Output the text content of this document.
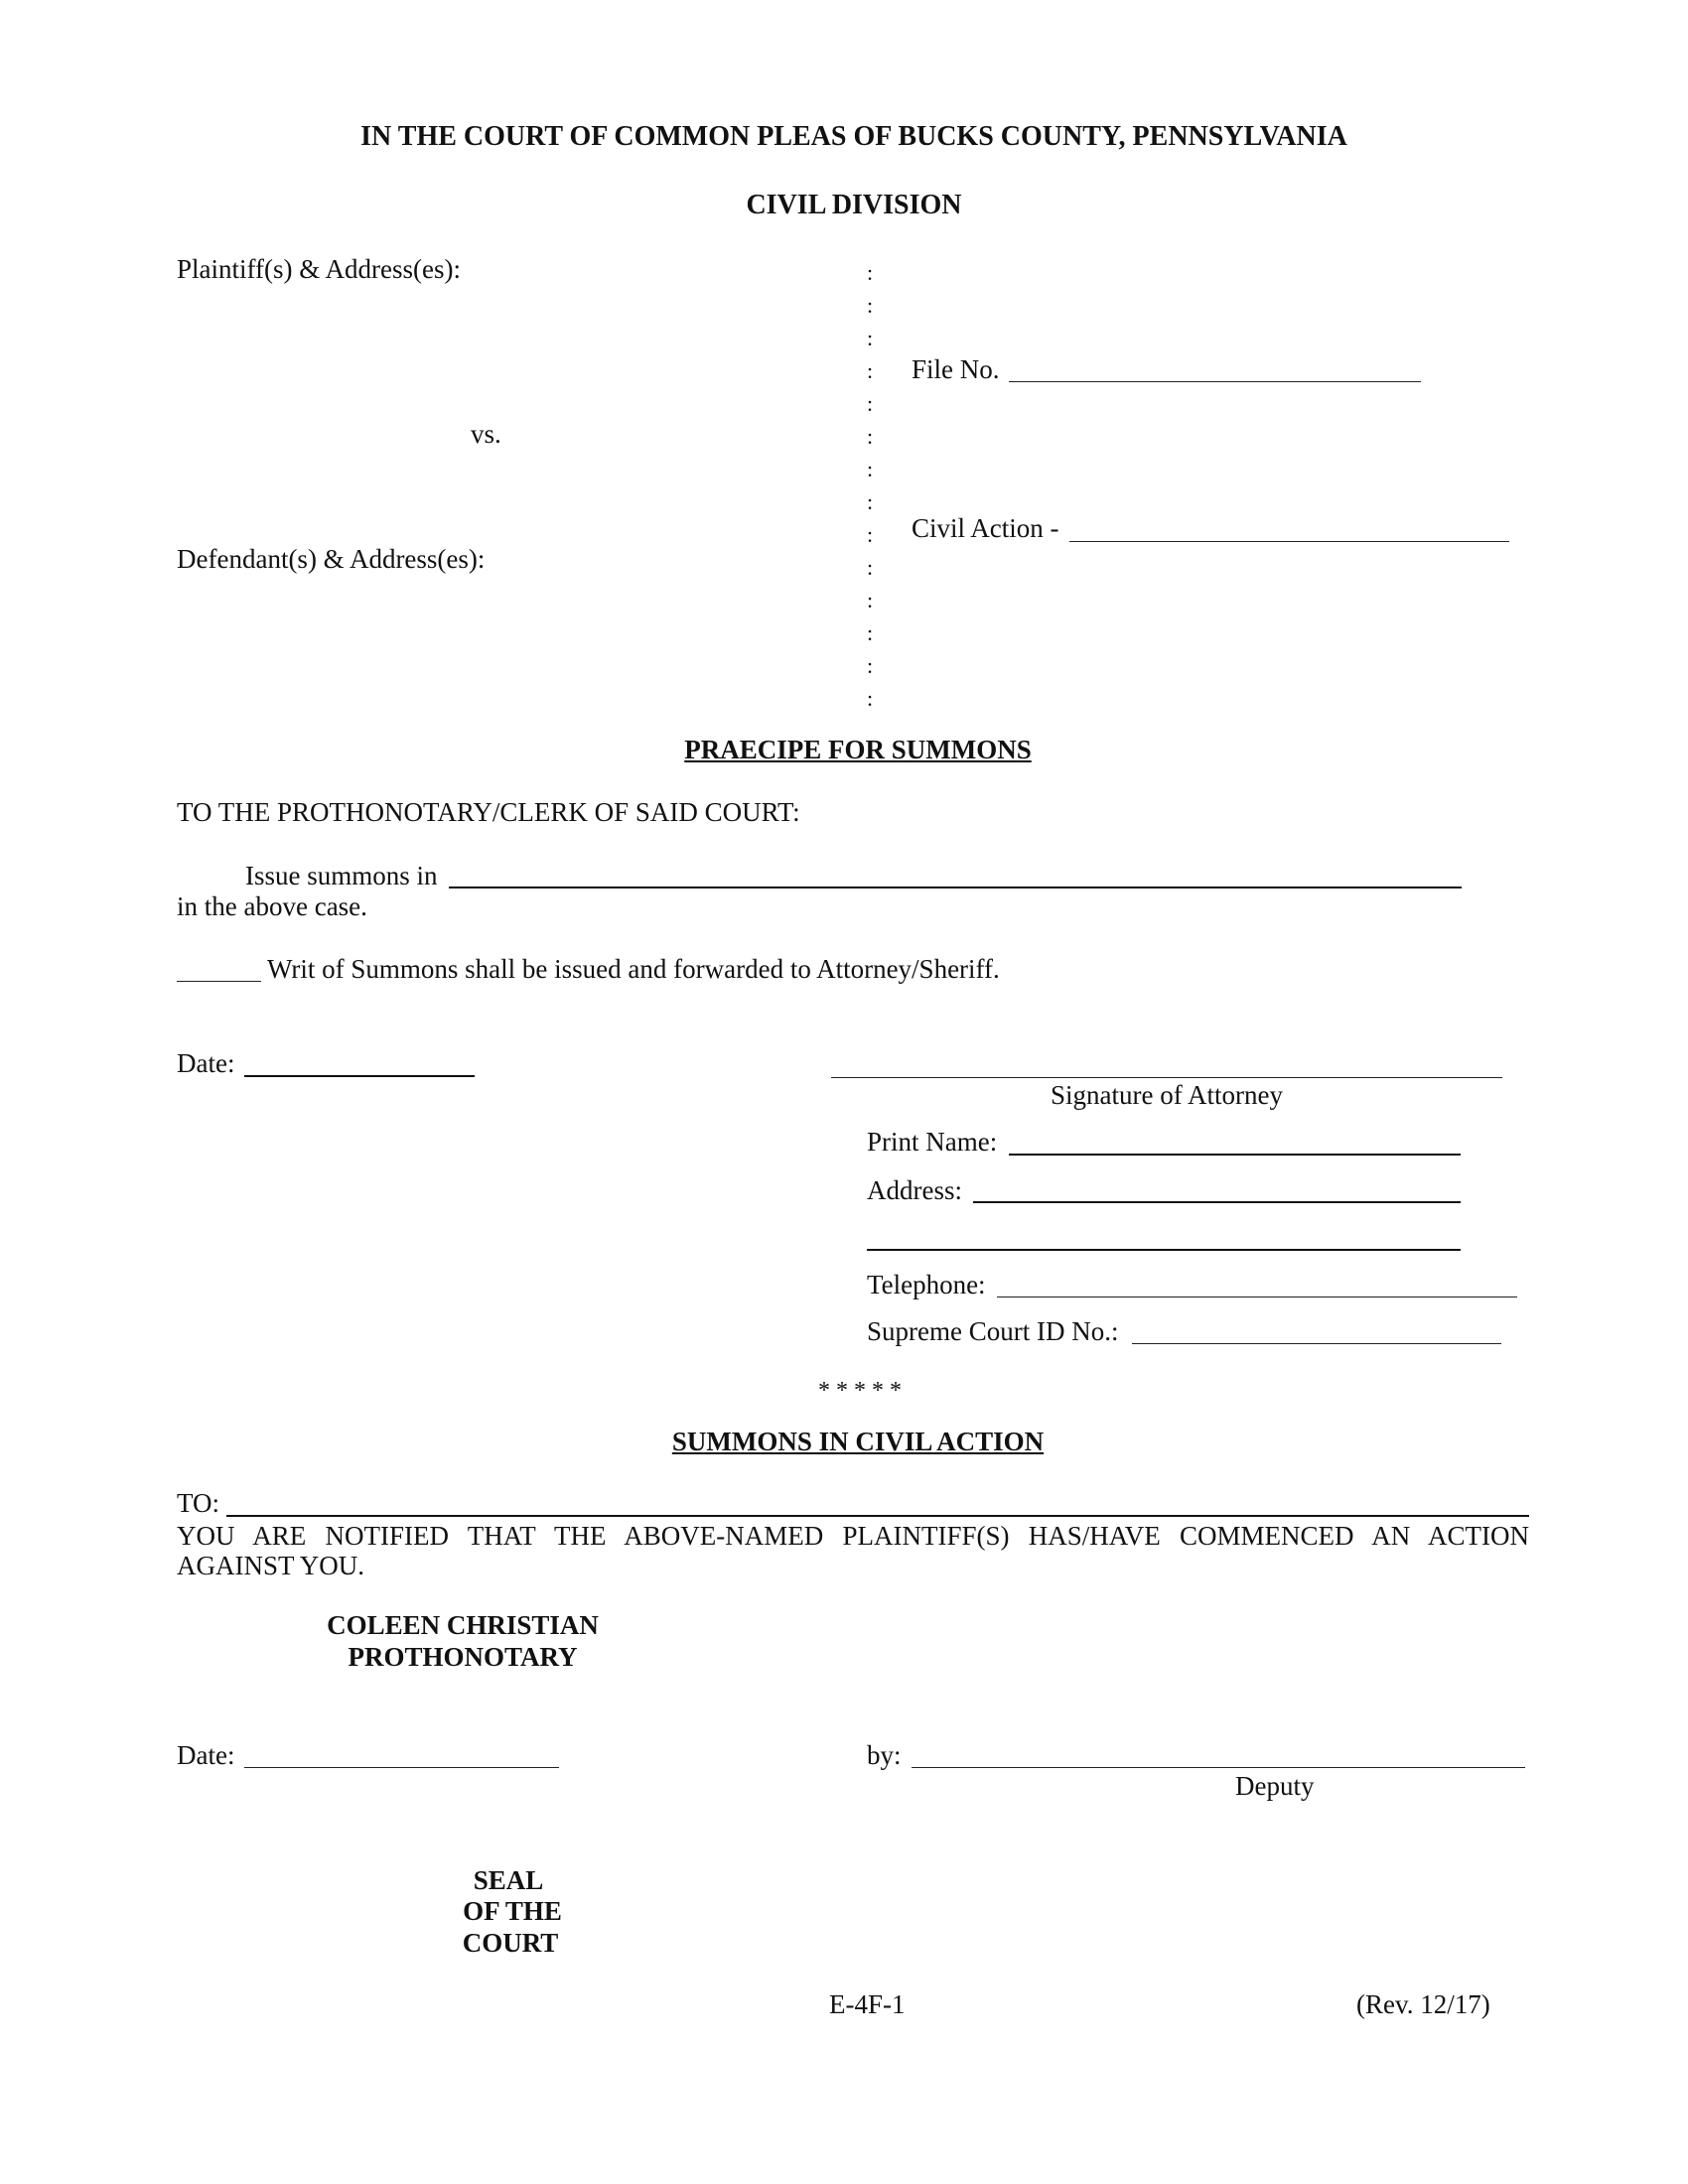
IN THE COURT OF COMMON PLEAS OF BUCKS COUNTY, PENNSYLVANIA
CIVIL DIVISION
Plaintiff(s) & Address(es):
vs.
Defendant(s) & Address(es):
:
:
:
:
:
:
:
:
:
:
:
:
:
:
File No.
Civil Action -
PRAECIPE FOR SUMMONS
TO THE PROTHONOTARY/CLERK OF SAID COURT:
Issue summons in
in the above case.
Writ of Summons shall be issued and forwarded to Attorney/Sheriff.
Date:
Signature of Attorney
Print Name:
Address:
Telephone:
Supreme Court ID No.:
* * * * *
SUMMONS IN CIVIL ACTION
TO:
YOU ARE NOTIFIED THAT THE ABOVE-NAMED PLAINTIFF(S) HAS/HAVE COMMENCED AN ACTION
AGAINST YOU.
COLEEN CHRISTIAN
PROTHONOTARY
Date:	by:
Deputy
SEAL
OF THE
COURT
E-4F-1	(Rev. 12/17)
